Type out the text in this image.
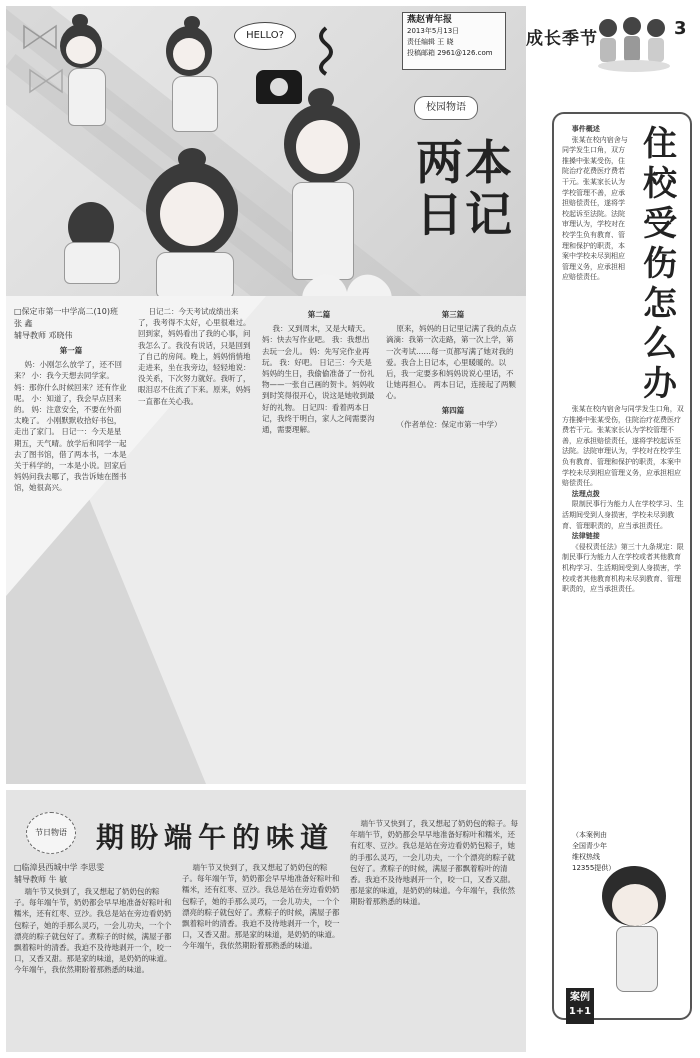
HELLO?
校园物语
燕赵青年报
2013年5月13日
责任编辑 王 晓
投稿邮箱 2961@126.com
成长季节	3
两本
日记
□保定市第一中学高二(10)班 张 鑫
辅导教师 邓晓伟

第一篇

妈：小刚怎么放学了，还不回来？ 小：我今天想去同学家。 妈：那你什么时候回来？还有作业呢。 小：知道了，我会早点回来的。 妈：注意安全，不要在外面太晚了。 小刚默默收拾好书包，走出了家门。 日记一：今天是星期五，天气晴。放学后和同学一起去了图书馆，借了两本书，一本是关于科学的，一本是小说。回家后妈妈问我去哪了，我告诉她在图书馆，她很高兴。

日记二：今天考试成绩出来了，我考得不太好，心里很难过。回到家，妈妈看出了我的心事，问我怎么了。我没有说话，只是回到了自己的房间。晚上，妈妈悄悄地走进来，坐在我旁边，轻轻地说：没关系，下次努力就好。我听了，眼泪忍不住流了下来。原来，妈妈一直都在关心我。

第二篇

我：又到周末，又是大晴天。 妈：快去写作业吧。 我：我想出去玩一会儿。 妈：先写完作业再玩。 我：好吧。 日记三：今天是妈妈的生日，我偷偷准备了一份礼物——一张自己画的贺卡。妈妈收到时笑得很开心，说这是她收到最好的礼物。 日记四：看着两本日记，我终于明白，家人之间需要沟通，需要理解。

第三篇

原来，妈妈的日记里记满了我的点点滴滴：我第一次走路，第一次上学，第一次考试……每一页都写满了她对我的爱。我合上日记本，心里暖暖的。以后，我一定要多和妈妈说说心里话，不让她再担心。 两本日记，连接起了两颗心。

第四篇

（作者单位：保定市第一中学）

节日物语	期盼端午的味道
□临漳县西城中学 李思雯
辅导教师 牛 敏

端午节又快到了，我又想起了奶奶包的粽子。每年端午节，奶奶都会早早地准备好粽叶和糯米，还有红枣、豆沙。我总是站在旁边看奶奶包粽子，她的手那么灵巧，一会儿功夫，一个个漂亮的粽子就包好了。煮粽子的时候，满屋子都飘着粽叶的清香。我迫不及待地剥开一个，咬一口，又香又甜。那是家的味道，是奶奶的味道。今年端午，我依然期盼着那熟悉的味道。

端午节又快到了，我又想起了奶奶包的粽子。每年端午节，奶奶都会早早地准备好粽叶和糯米，还有红枣、豆沙。我总是站在旁边看奶奶包粽子，她的手那么灵巧，一会儿功夫，一个个漂亮的粽子就包好了。煮粽子的时候，满屋子都飘着粽叶的清香。我迫不及待地剥开一个，咬一口，又香又甜。那是家的味道，是奶奶的味道。今年端午，我依然期盼着那熟悉的味道。

端午节又快到了，我又想起了奶奶包的粽子。每年端午节，奶奶都会早早地准备好粽叶和糯米，还有红枣、豆沙。我总是站在旁边看奶奶包粽子，她的手那么灵巧，一会儿功夫，一个个漂亮的粽子就包好了。煮粽子的时候，满屋子都飘着粽叶的清香。我迫不及待地剥开一个，咬一口，又香又甜。那是家的味道，是奶奶的味道。今年端午，我依然期盼着那熟悉的味道。

住校受伤怎么办

事件概述

张某在校内宿舍与同学发生口角，双方推搡中张某受伤，住院治疗花费医疗费若干元。张某家长认为学校管理不善，应承担赔偿责任，遂将学校起诉至法院。法院审理认为，学校对在校学生负有教育、管理和保护的职责，本案中学校未尽到相应管理义务，应承担相应赔偿责任。

张某在校内宿舍与同学发生口角，双方推搡中张某受伤，住院治疗花费医疗费若干元。张某家长认为学校管理不善，应承担赔偿责任，遂将学校起诉至法院。法院审理认为，学校对在校学生负有教育、管理和保护的职责，本案中学校未尽到相应管理义务，应承担相应赔偿责任。

法理点拨

限制民事行为能力人在学校学习、生活期间受到人身损害，学校未尽到教育、管理职责的，应当承担责任。

法律链接

《侵权责任法》第三十九条规定：限制民事行为能力人在学校或者其他教育机构学习、生活期间受到人身损害，学校或者其他教育机构未尽到教育、管理职责的，应当承担责任。

（本案例由
全国青少年
维权热线
12355提供）
案例
1+1
